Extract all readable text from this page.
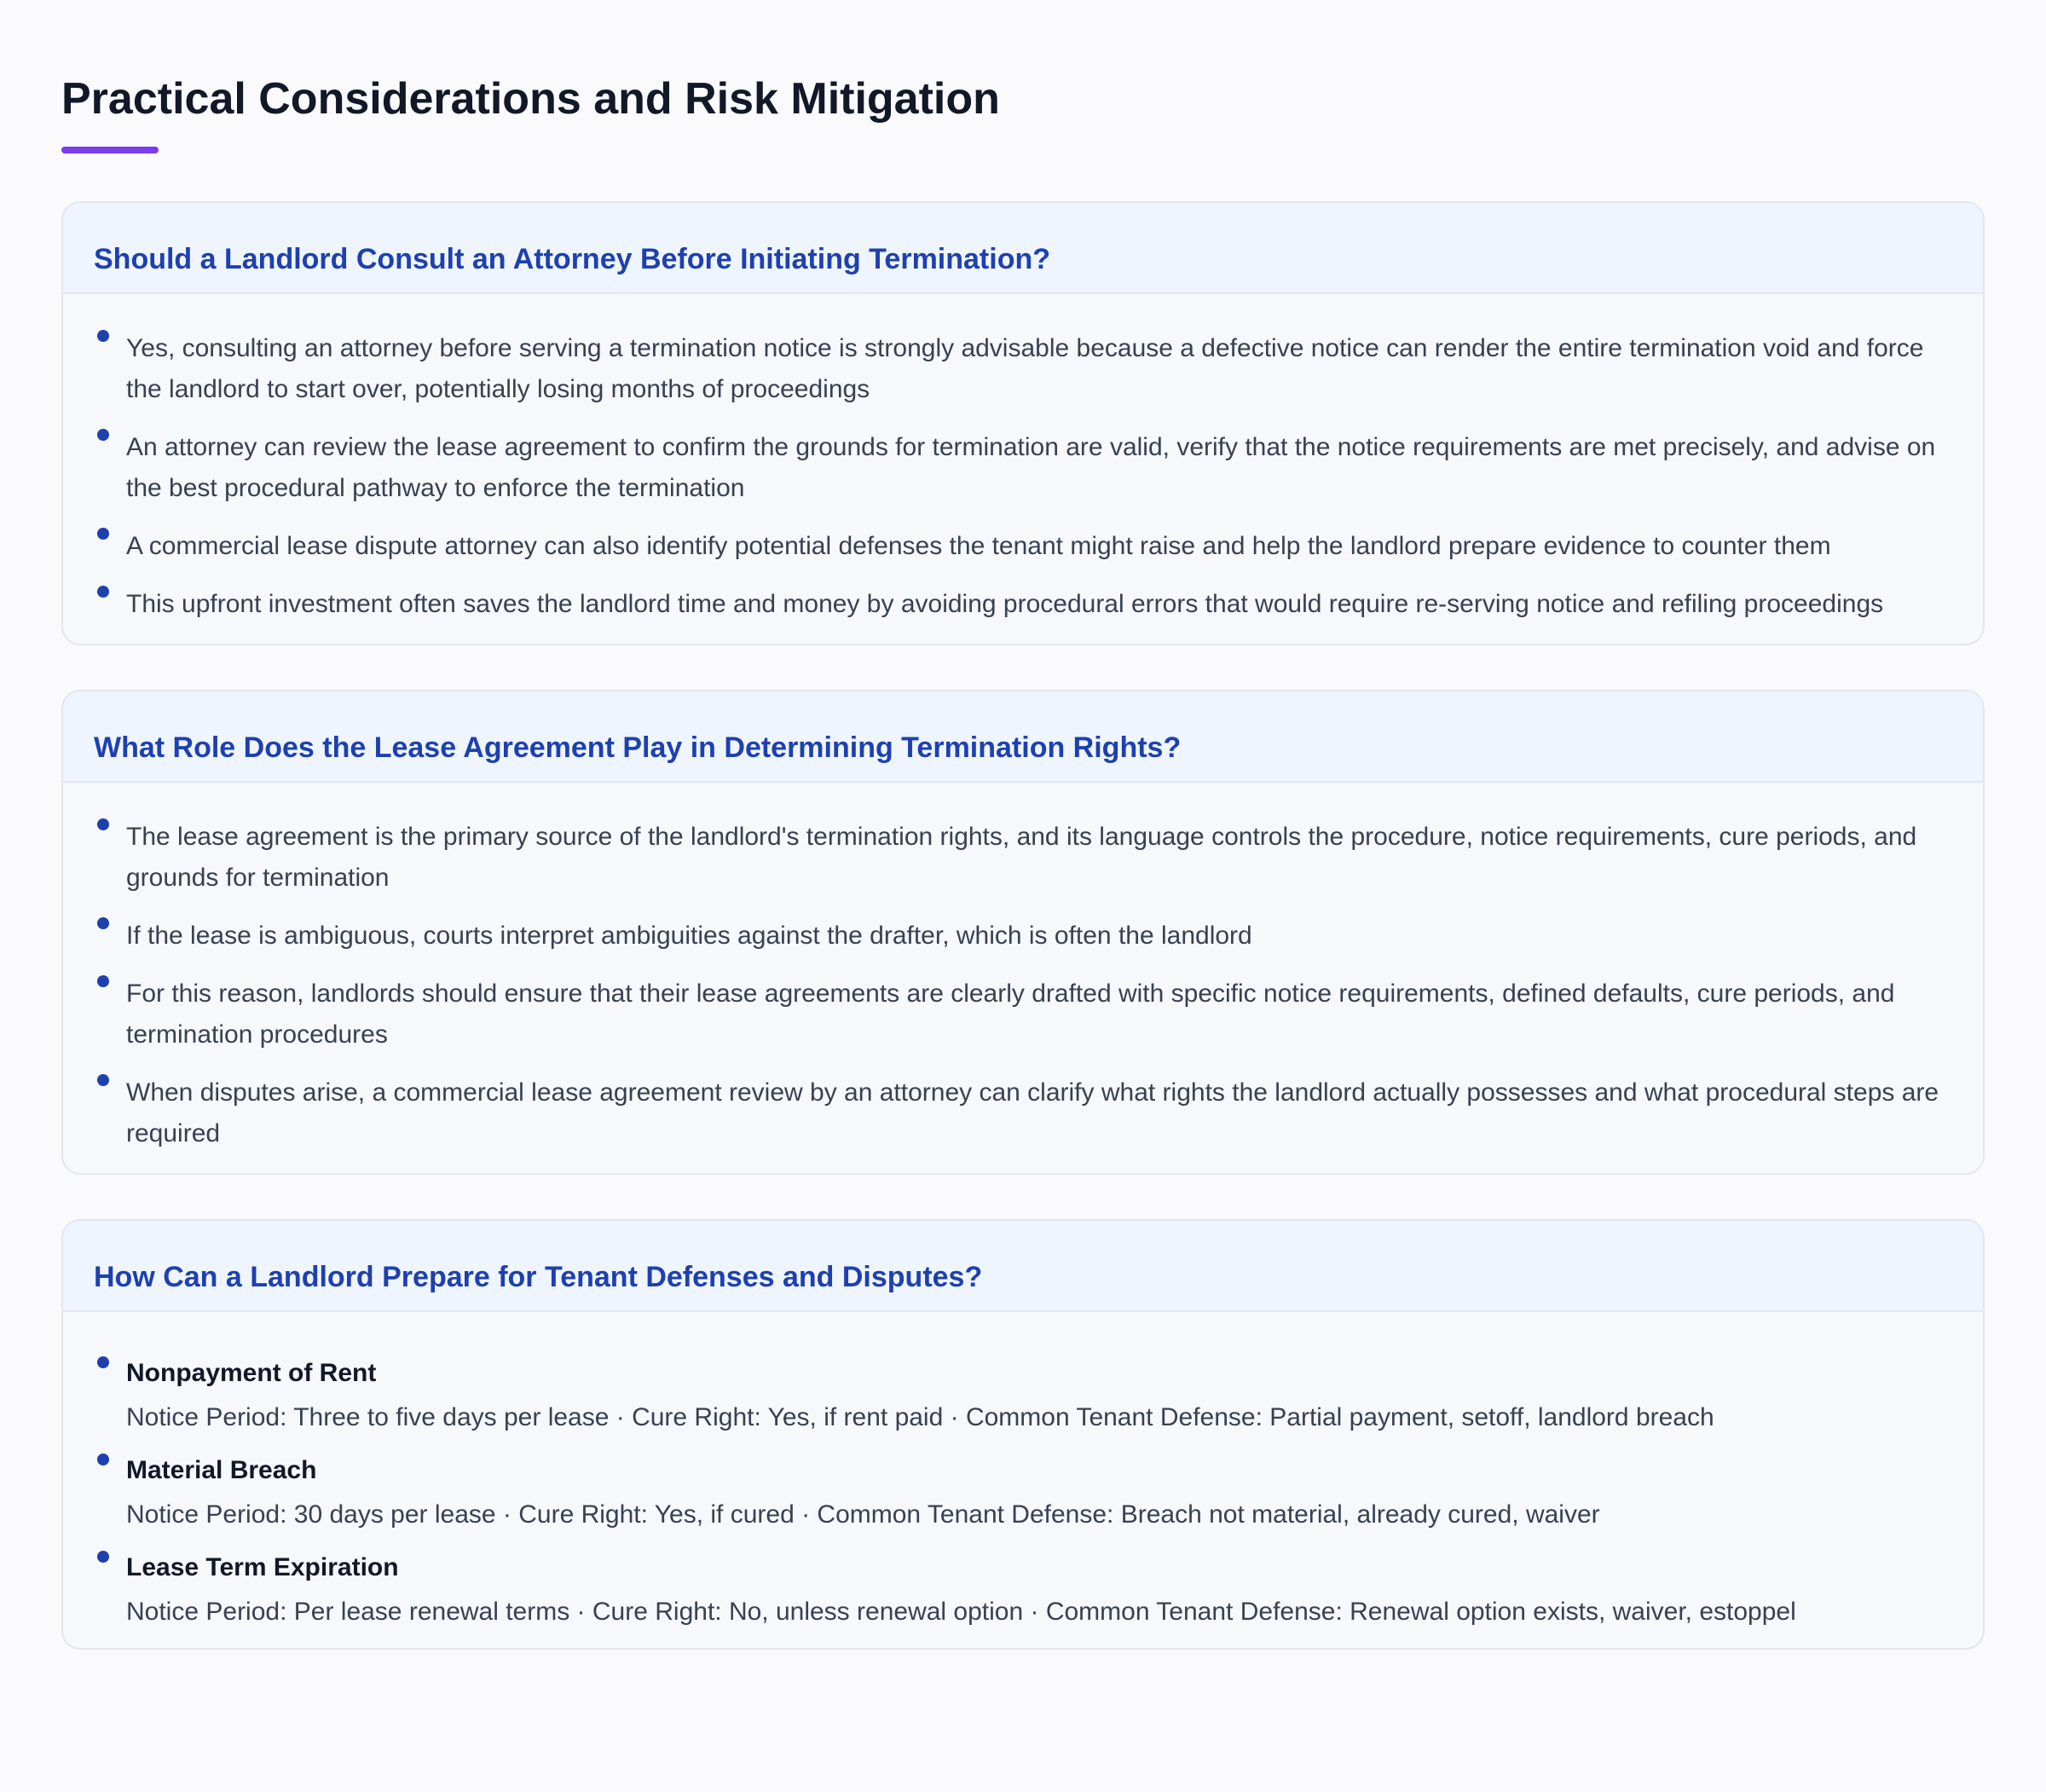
Practical Considerations and Risk Mitigation
Should a Landlord Consult an Attorney Before Initiating Termination?
Yes, consulting an attorney before serving a termination notice is strongly advisable because a defective notice can render the entire termination void and force the landlord to start over, potentially losing months of proceedings
An attorney can review the lease agreement to confirm the grounds for termination are valid, verify that the notice requirements are met precisely, and advise on the best procedural pathway to enforce the termination
A commercial lease dispute attorney can also identify potential defenses the tenant might raise and help the landlord prepare evidence to counter them
This upfront investment often saves the landlord time and money by avoiding procedural errors that would require re-serving notice and refiling proceedings
What Role Does the Lease Agreement Play in Determining Termination Rights?
The lease agreement is the primary source of the landlord's termination rights, and its language controls the procedure, notice requirements, cure periods, and grounds for termination
If the lease is ambiguous, courts interpret ambiguities against the drafter, which is often the landlord
For this reason, landlords should ensure that their lease agreements are clearly drafted with specific notice requirements, defined defaults, cure periods, and termination procedures
When disputes arise, a commercial lease agreement review by an attorney can clarify what rights the landlord actually possesses and what procedural steps are required
How Can a Landlord Prepare for Tenant Defenses and Disputes?
Nonpayment of Rent
Notice Period: Three to five days per lease · Cure Right: Yes, if rent paid · Common Tenant Defense: Partial payment, setoff, landlord breach
Material Breach
Notice Period: 30 days per lease · Cure Right: Yes, if cured · Common Tenant Defense: Breach not material, already cured, waiver
Lease Term Expiration
Notice Period: Per lease renewal terms · Cure Right: No, unless renewal option · Common Tenant Defense: Renewal option exists, waiver, estoppel
